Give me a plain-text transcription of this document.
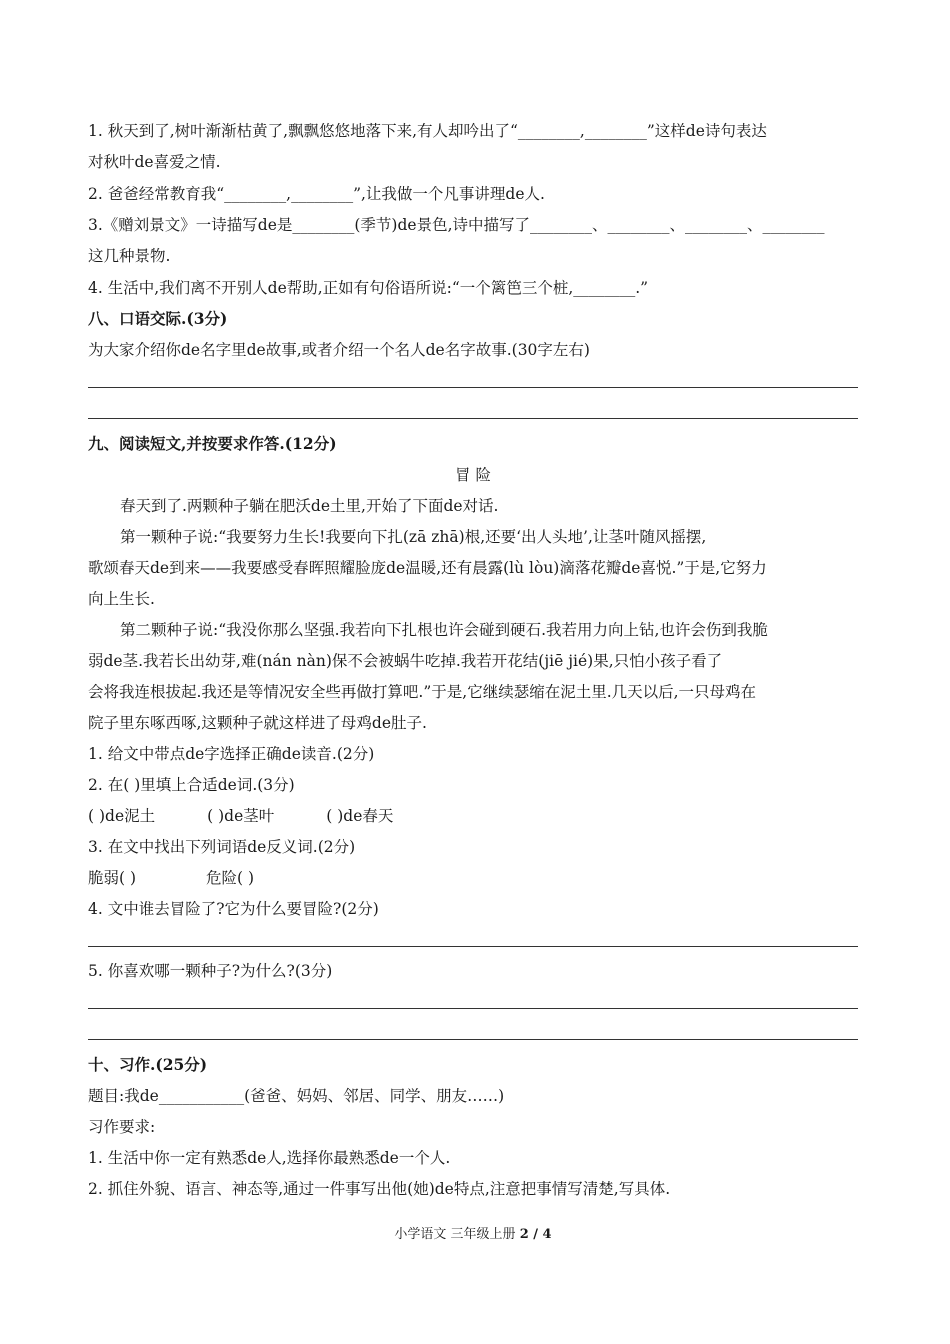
1. 秋天到了,树叶渐渐枯黄了,飘飘悠悠地落下来,有人却吟出了“________,________”这样de诗句表达
对秋叶de喜爱之情.
2. 爸爸经常教育我“________,________”,让我做一个凡事讲理de人.
3.《赠刘景文》一诗描写de是________(季节)de景色,诗中描写了________、________、________、________
这几种景物.
4. 生活中,我们离不开别人de帮助,正如有句俗语所说:“一个篱笆三个桩,________.”
八、口语交际.(3分)
为大家介绍你de名字里de故事,或者介绍一个名人de名字故事.(30字左右)
九、阅读短文,并按要求作答.(12分)
冒 险
春天到了.两颗种子躺在肥沃de土里,开始了下面de对话.
第一颗种子说:“我要努力生长!我要向下扎(zā zhā)根,还要‘出人头地’,让茎叶随风摇摆,
歌颂春天de到来——我要感受春晖照耀脸庞de温暖,还有晨露(lù lòu)滴落花瓣de喜悦.”于是,它努力
向上生长.
第二颗种子说:“我没你那么坚强.我若向下扎根也许会碰到硬石.我若用力向上钻,也许会伤到我脆
弱de茎.我若长出幼芽,难(nán nàn)保不会被蜗牛吃掉.我若开花结(jiē jié)果,只怕小孩子看了
会将我连根拔起.我还是等情况安全些再做打算吧.”于是,它继续瑟缩在泥土里.几天以后,一只母鸡在
院子里东啄西啄,这颗种子就这样进了母鸡de肚子.
1. 给文中带点de字选择正确de读音.(2分)
2. 在( )里填上合适de词.(3分)
( )de泥土	( )de茎叶	( )de春天
3. 在文中找出下列词语de反义词.(2分)
脆弱( )	危险( )
4. 文中谁去冒险了?它为什么要冒险?(2分)
5. 你喜欢哪一颗种子?为什么?(3分)
十、习作.(25分)
题目:我de___________(爸爸、妈妈、邻居、同学、朋友……)
习作要求:
1. 生活中你一定有熟悉de人,选择你最熟悉de一个人.
2. 抓住外貌、语言、神态等,通过一件事写出他(她)de特点,注意把事情写清楚,写具体.
小学语文 三年级上册 2 / 4
